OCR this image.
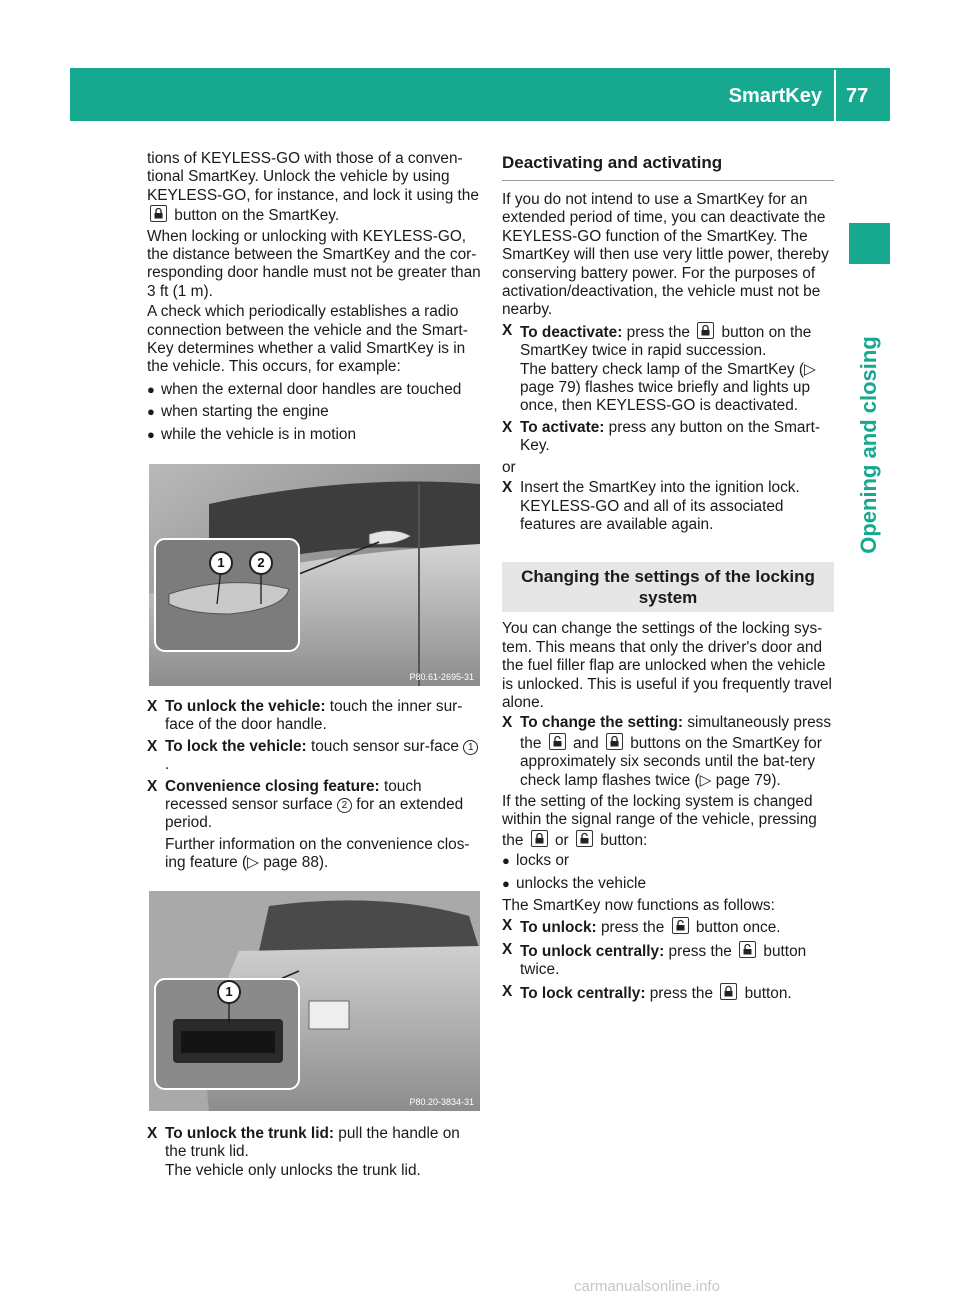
SmartKey 77
Opening and closing

tions of KEYLESS-GO with those of a conven-tional SmartKey. Unlock the vehicle by using KEYLESS-GO, for instance, and lock it using the
button on the SmartKey.

When locking or unlocking with KEYLESS-GO, the distance between the SmartKey and the cor-responding door handle must not be greater than 3 ft (1 m).

A check which periodically establishes a radio connection between the vehicle and the Smart-Key determines whether a valid SmartKey is in the vehicle. This occurs, for example:

● when the external door handles are touched
● when starting the engine
● while the vehicle is in motion
1	2
P80.61-2695-31
X To unlock the vehicle: touch the inner sur-face of the door handle.
X To lock the vehicle: touch sensor sur-face 1.
X Convenience closing feature: touch recessed sensor surface 2 for an extended period.
Further information on the convenience clos-ing feature (▷ page 88).
1
P80.20-3834-31
X To unlock the trunk lid: pull the handle on the trunk lid.
The vehicle only unlocks the trunk lid.
Deactivating and activating

If you do not intend to use a SmartKey for an extended period of time, you can deactivate the KEYLESS-GO function of the SmartKey. The SmartKey will then use very little power, thereby conserving battery power. For the purposes of activation/deactivation, the vehicle must not be nearby.

X To deactivate: press the button on the SmartKey twice in rapid succession.
The battery check lamp of the SmartKey (▷ page 79) flashes twice briefly and lights up once, then KEYLESS-GO is deactivated.
X To activate: press any button on the Smart-Key.

or

X Insert the SmartKey into the ignition lock.
KEYLESS-GO and all of its associated features are available again.
Changing the settings of the locking system

You can change the settings of the locking sys-tem. This means that only the driver's door and the fuel filler flap are unlocked when the vehicle is unlocked. This is useful if you frequently travel alone.

X To change the setting: simultaneously press the and buttons on the SmartKey for approximately six seconds until the bat-tery check lamp flashes twice (▷ page 79).

If the setting of the locking system is changed within the signal range of the vehicle, pressing the or button:

● locks or
● unlocks the vehicle

The SmartKey now functions as follows:

X To unlock: press the button once.
X To unlock centrally: press the button twice.
X To lock centrally: press the button.
carmanualsonline.info
